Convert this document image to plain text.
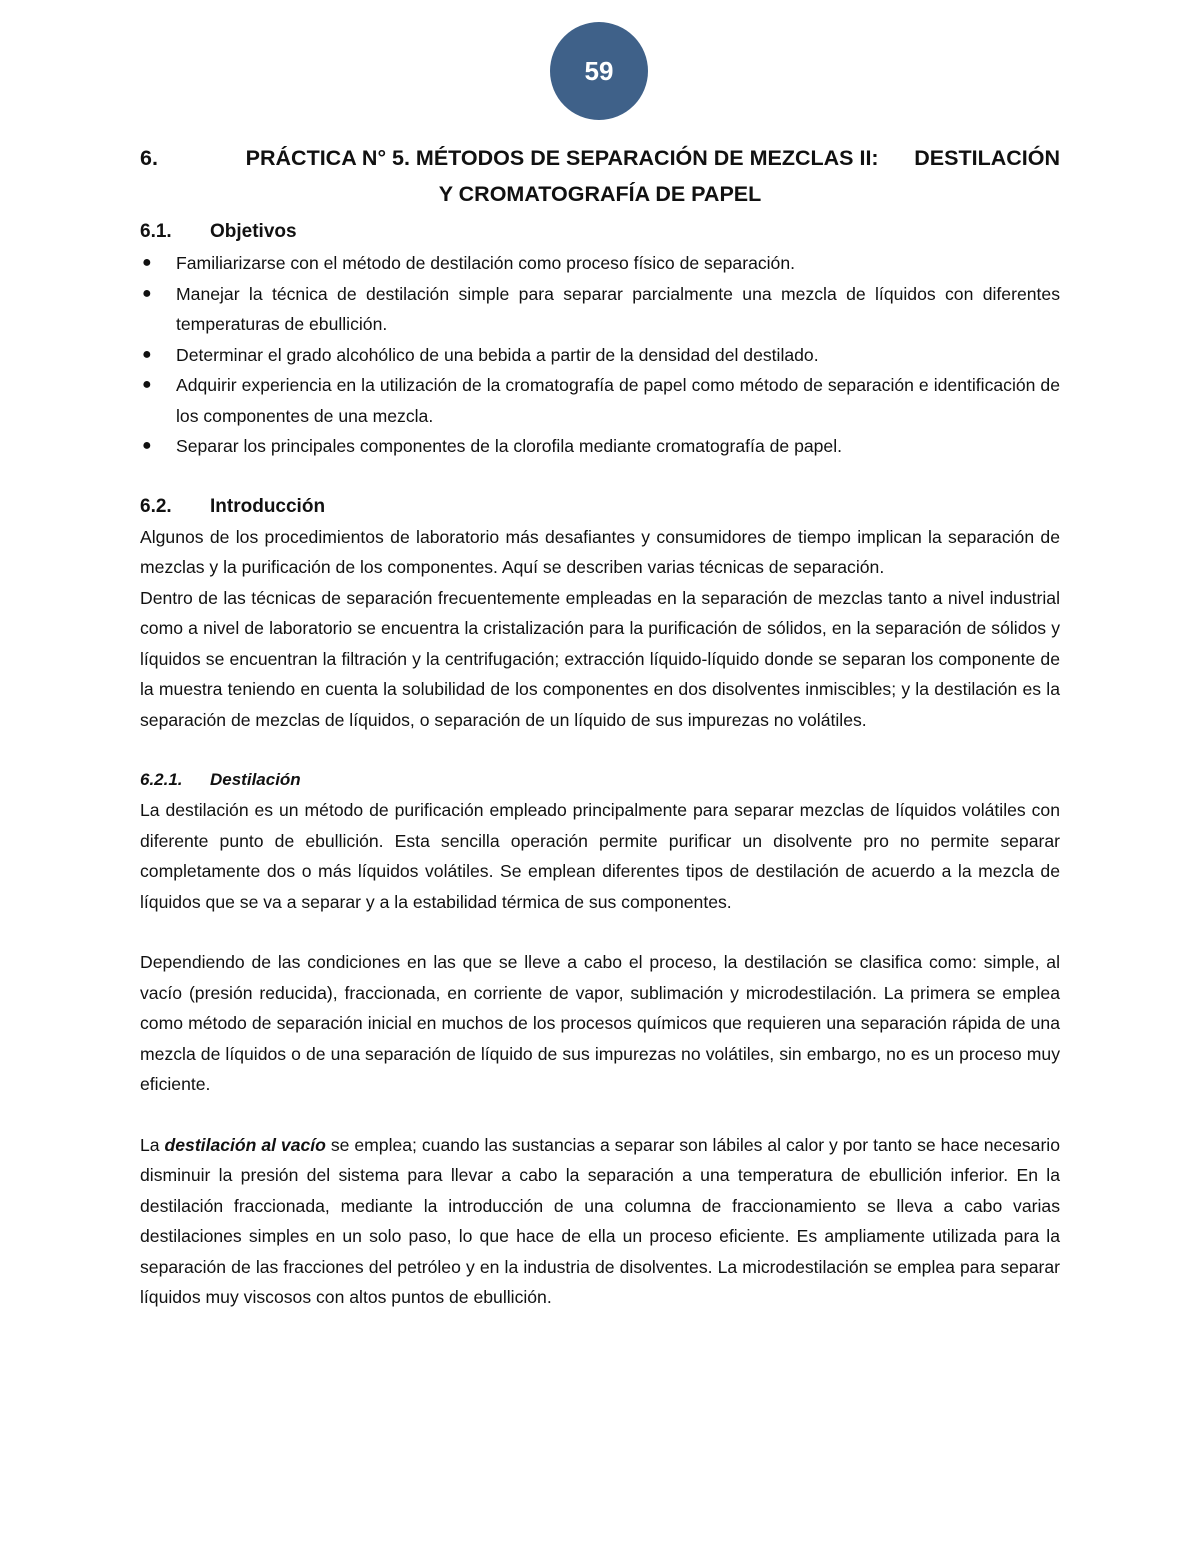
59
6.	PRÁCTICA N° 5. MÉTODOS DE SEPARACIÓN DE MEZCLAS II: DESTILACIÓN
Y CROMATOGRAFÍA DE PAPEL
6.1.	Objetivos
● Familiarizarse con el método de destilación como proceso físico de separación.
● Manejar la técnica de destilación simple para separar parcialmente una mezcla de líquidos con diferentes temperaturas de ebullición.
● Determinar el grado alcohólico de una bebida a partir de la densidad del destilado.
● Adquirir experiencia en la utilización de la cromatografía de papel como método de separación e identificación de los componentes de una mezcla.
● Separar los principales componentes de la clorofila mediante cromatografía de papel.
6.2.	Introducción

Algunos de los procedimientos de laboratorio más desafiantes y consumidores de tiempo implican la separación de mezclas y la purificación de los componentes. Aquí se describen varias técnicas de separación.

Dentro de las técnicas de separación frecuentemente empleadas en la separación de mezclas tanto a nivel industrial como a nivel de laboratorio se encuentra la cristalización para la purificación de sólidos, en la separación de sólidos y líquidos se encuentran la filtración y la centrifugación; extracción líquido-líquido donde se separan los componente de la muestra teniendo en cuenta la solubilidad de los componentes en dos disolventes inmiscibles; y la destilación es la separación de mezclas de líquidos, o separación de un líquido de sus impurezas no volátiles.

6.2.1.	Destilación

La destilación es un método de purificación empleado principalmente para separar mezclas de líquidos volátiles con diferente punto de ebullición. Esta sencilla operación permite purificar un disolvente pro no permite separar completamente dos o más líquidos volátiles. Se emplean diferentes tipos de destilación de acuerdo a la mezcla de líquidos que se va a separar y a la estabilidad térmica de sus componentes.

Dependiendo de las condiciones en las que se lleve a cabo el proceso, la destilación se clasifica como: simple, al vacío (presión reducida), fraccionada, en corriente de vapor, sublimación y microdestilación. La primera se emplea como método de separación inicial en muchos de los procesos químicos que requieren una separación rápida de una mezcla de líquidos o de una separación de líquido de sus impurezas no volátiles, sin embargo, no es un proceso muy eficiente.

La destilación al vacío se emplea; cuando las sustancias a separar son lábiles al calor y por tanto se hace necesario disminuir la presión del sistema para llevar a cabo la separación a una temperatura de ebullición inferior. En la destilación fraccionada, mediante la introducción de una columna de fraccionamiento se lleva a cabo varias destilaciones simples en un solo paso, lo que hace de ella un proceso eficiente. Es ampliamente utilizada para la separación de las fracciones del petróleo y en la industria de disolventes. La microdestilación se emplea para separar líquidos muy viscosos con altos puntos de ebullición.
